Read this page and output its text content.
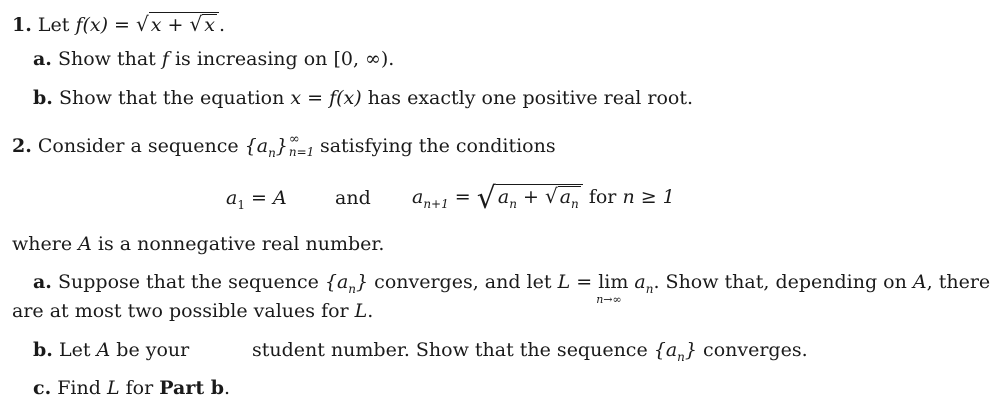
1. Let f(x) = √ x + √ x .
a. Show that f is increasing on [0, ∞).
b. Show that the equation x = f(x) has exactly one positive real root.
2. Consider a sequence $\{a_n\}$ ∞
n=1 satisfying the conditions
$a_1 = A$	and $a_{n+1}$ = √ $a_n$ + √ $a_n$ for n ≥ 1
where A is a nonnegative real number.
a. Suppose that the sequence $\{a_n\}$ converges, and let L = lim
n→∞
$a_n$. Show that, depending on A, there
are at most two possible values for L.
b. Let A be your	student number. Show that the sequence $\{a_n\}$ converges.
c. Find L for Part b.
